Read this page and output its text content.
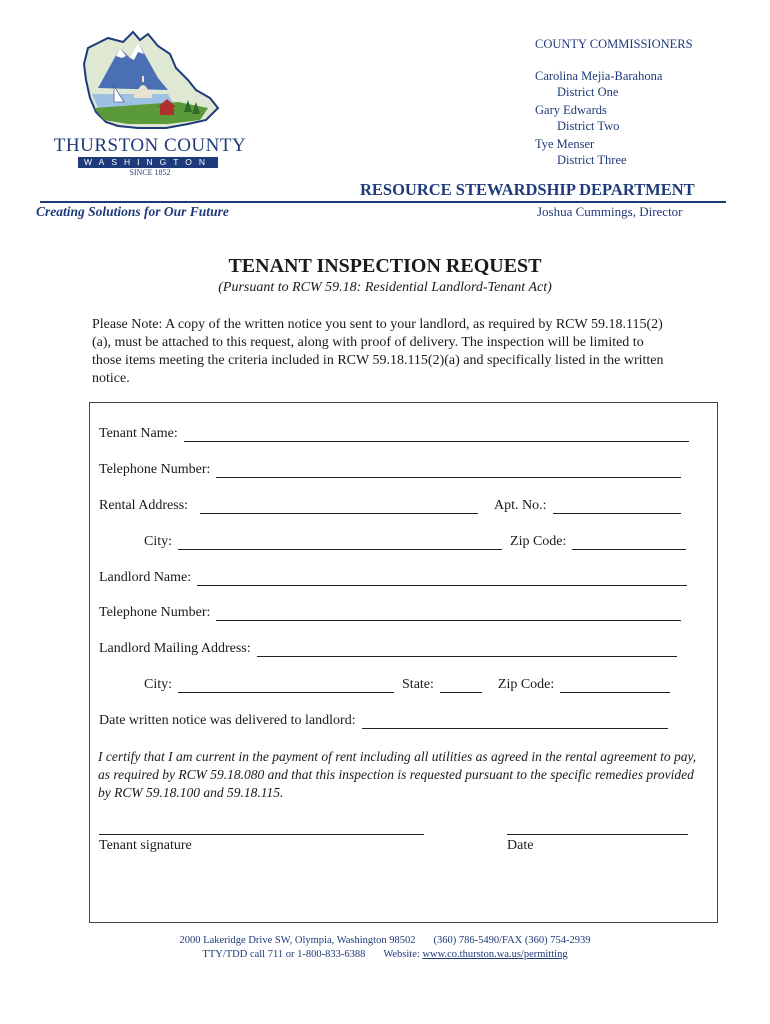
THURSTON COUNTY
WASHINGTON
SINCE 1852
COUNTY COMMISSIONERS
Carolina Mejia-Barahona
District One
Gary Edwards
District Two
Tye Menser
District Three
RESOURCE STEWARDSHIP DEPARTMENT
Creating Solutions for Our Future	Joshua Cummings, Director
TENANT INSPECTION REQUEST
(Pursuant to RCW 59.18: Residential Landlord-Tenant Act)
Please Note: A copy of the written notice you sent to your landlord, as required by RCW 59.18.115(2)(a), must be attached to this request, along with proof of delivery. The inspection will be limited to those items meeting the criteria included in RCW 59.18.115(2)(a) and specifically listed in the written notice.
Tenant Name:
Telephone Number:
Rental Address:	Apt. No.:
City:	Zip Code:
Landlord Name:
Telephone Number:
Landlord Mailing Address:
City:	State:	Zip Code:
Date written notice was delivered to landlord:
I certify that I am current in the payment of rent including all utilities as agreed in the rental agreement to pay, as required by RCW 59.18.080 and that this inspection is requested pursuant to the specific remedies provided by RCW 59.18.100 and 59.18.115.
Tenant signature	Date
2000 Lakeridge Drive SW, Olympia, Washington 98502 (360) 786-5490/FAX (360) 754-2939
TTY/TDD call 711 or 1-800-833-6388 Website: www.co.thurston.wa.us/permitting
